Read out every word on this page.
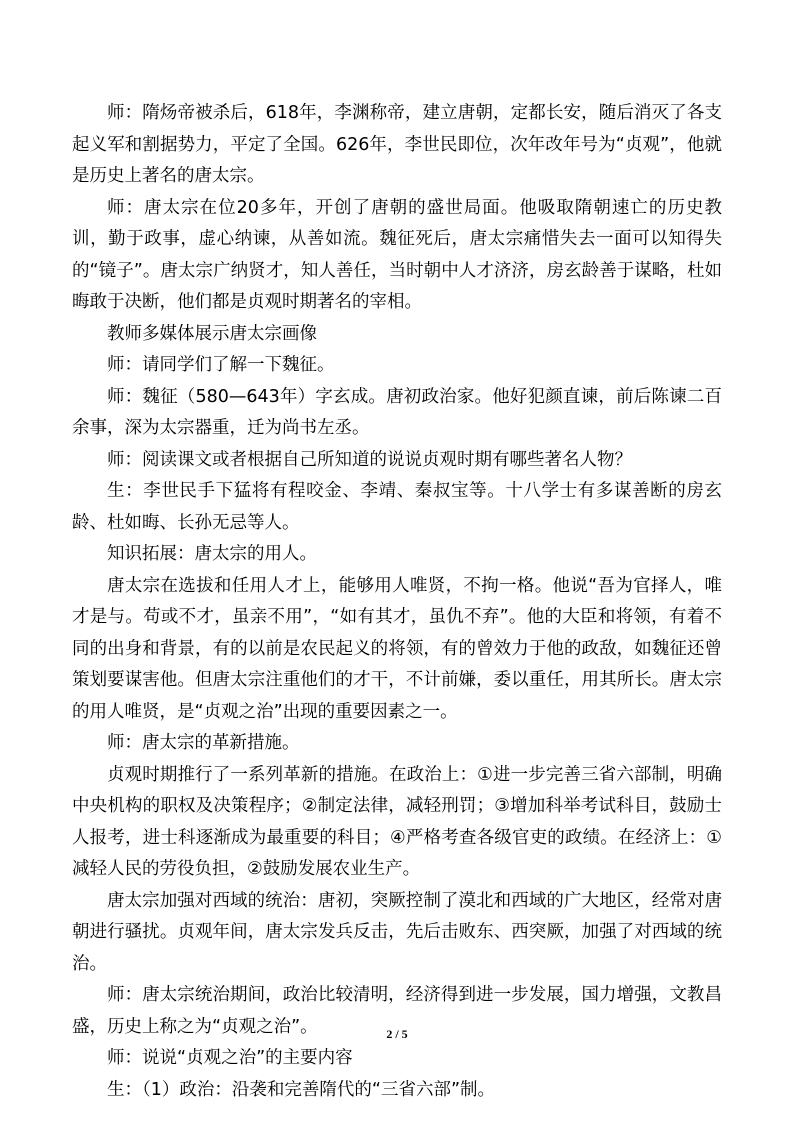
师：隋炀帝被杀后，618年，李渊称帝，建立唐朝，定都长安，随后消灭了各支起义军和割据势力，平定了全国。626年，李世民即位，次年改年号为“贞观”，他就是历史上著名的唐太宗。

师：唐太宗在位20多年，开创了唐朝的盛世局面。他吸取隋朝速亡的历史教训，勤于政事，虚心纳谏，从善如流。魏征死后，唐太宗痛惜失去一面可以知得失的“镜子”。唐太宗广纳贤才，知人善任，当时朝中人才济济，房玄龄善于谋略，杜如晦敢于决断，他们都是贞观时期著名的宰相。

教师多媒体展示唐太宗画像

师：请同学们了解一下魏征。

师：魏征（580—643年）字玄成。唐初政治家。他好犯颜直谏，前后陈谏二百余事，深为太宗器重，迁为尚书左丞。

师：阅读课文或者根据自己所知道的说说贞观时期有哪些著名人物？

生：李世民手下猛将有程咬金、李靖、秦叔宝等。十八学士有多谋善断的房玄龄、杜如晦、长孙无忌等人。

知识拓展：唐太宗的用人。

唐太宗在选拔和任用人才上，能够用人唯贤，不拘一格。他说“吾为官择人，唯才是与。苟或不才，虽亲不用”，“如有其才，虽仇不弃”。他的大臣和将领，有着不同的出身和背景，有的以前是农民起义的将领，有的曾效力于他的政敌，如魏征还曾策划要谋害他。但唐太宗注重他们的才干，不计前嫌，委以重任，用其所长。唐太宗的用人唯贤，是“贞观之治”出现的重要因素之一。

师：唐太宗的革新措施。

贞观时期推行了一系列革新的措施。在政治上：①进一步完善三省六部制，明确中央机构的职权及决策程序；②制定法律，减轻刑罚；③增加科举考试科目，鼓励士人报考，进士科逐渐成为最重要的科目；④严格考查各级官吏的政绩。在经济上：①减轻人民的劳役负担，②鼓励发展农业生产。

唐太宗加强对西域的统治：唐初，突厥控制了漠北和西域的广大地区，经常对唐朝进行骚扰。贞观年间，唐太宗发兵反击，先后击败东、西突厥，加强了对西域的统治。

师：唐太宗统治期间，政治比较清明，经济得到进一步发展，国力增强，文教昌盛，历史上称之为“贞观之治”。

师：说说“贞观之治”的主要内容

生：（1）政治：沿袭和完善隋代的“三省六部”制。

2 / 5
